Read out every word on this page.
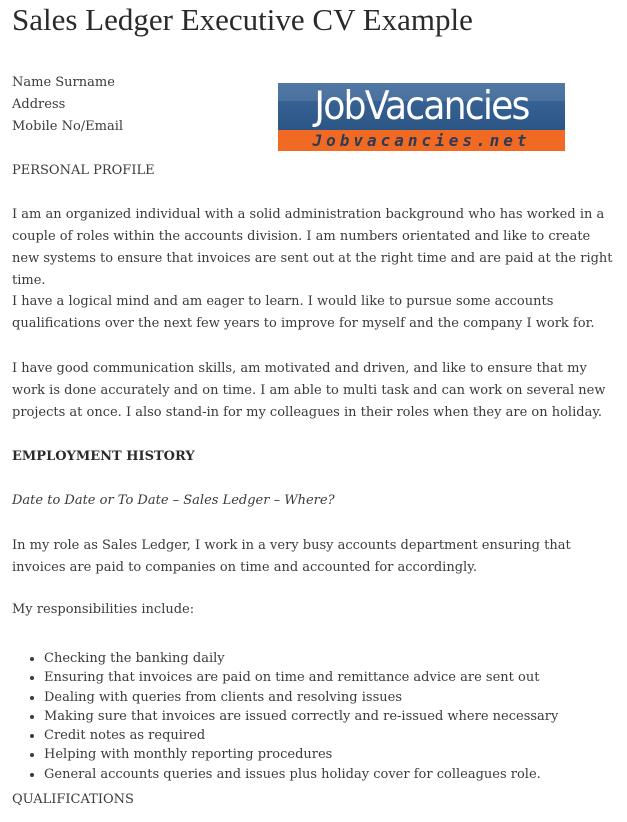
Sales Ledger Executive CV Example
Name Surname
Address
Mobile No/Email
PERSONAL PROFILE

I am an organized individual with a solid administration background who has worked in a couple of roles within the accounts division. I am numbers orientated and like to create new systems to ensure that invoices are sent out at the right time and are paid at the right time.

I have a logical mind and am eager to learn. I would like to pursue some accounts qualifications over the next few years to improve for myself and the company I work for.

I have good communication skills, am motivated and driven, and like to ensure that my work is done accurately and on time. I am able to multi task and can work on several new projects at once. I also stand-in for my colleagues in their roles when they are on holiday.

EMPLOYMENT HISTORY

Date to Date or To Date – Sales Ledger – Where?

In my role as Sales Ledger, I work in a very busy accounts department ensuring that invoices are paid to companies on time and accounted for accordingly.

My responsibilities include:

• Checking the banking daily
• Ensuring that invoices are paid on time and remittance advice are sent out
• Dealing with queries from clients and resolving issues
• Making sure that invoices are issued correctly and re-issued where necessary
• Credit notes as required
• Helping with monthly reporting procedures
• General accounts queries and issues plus holiday cover for colleagues role.
QUALIFICATIONS
JobVacancies
Jobvacancies.net
